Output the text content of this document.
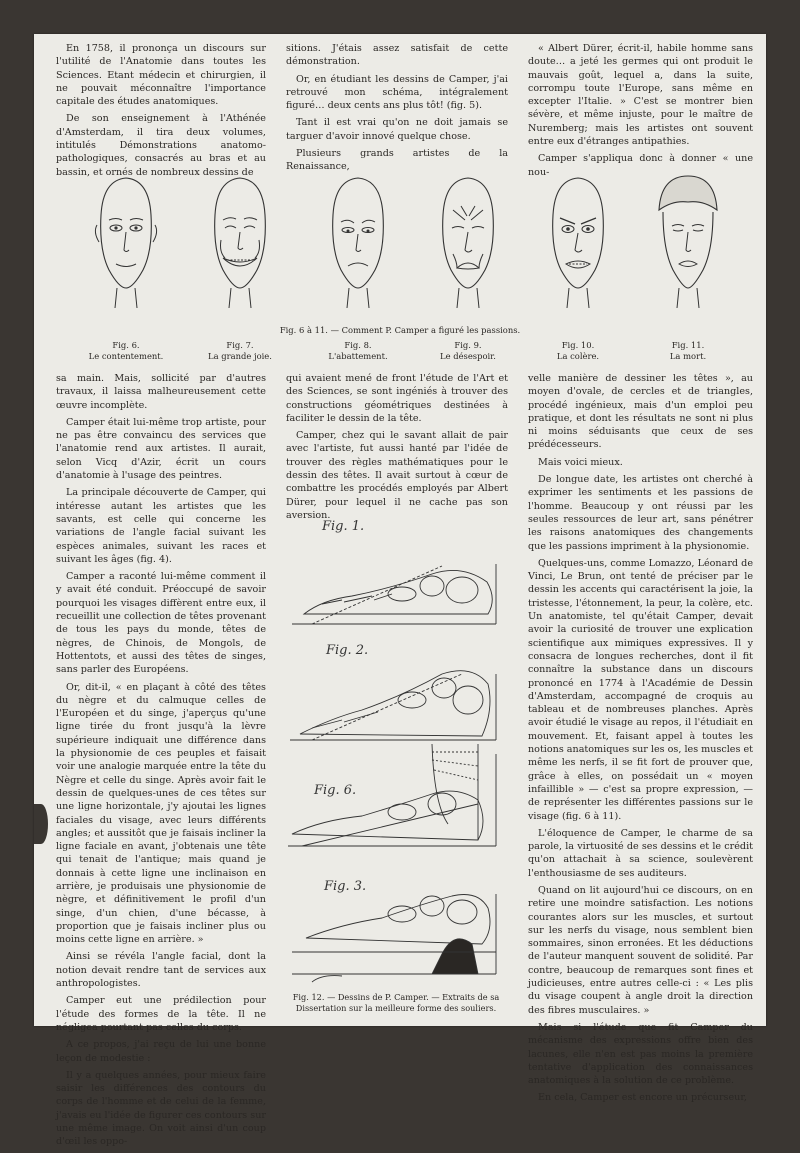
En 1758, il prononça un discours sur l'utilité de l'Anatomie dans toutes les Sciences. Etant médecin et chirurgien, il ne pouvait méconnaître l'importance capitale des études anatomiques.

De son enseignement à l'Athénée d'Amsterdam, il tira deux volumes, intitulés Démonstrations anatomo-pathologiques, consacrés au bras et au bassin, et ornés de nombreux dessins de

sitions. J'étais assez satisfait de cette démonstration.

Or, en étudiant les dessins de Camper, j'ai retrouvé mon schéma, intégralement figuré… deux cents ans plus tôt! (fig. 5).

Tant il est vrai qu'on ne doit jamais se targuer d'avoir innové quelque chose.

Plusieurs grands artistes de la Renaissance,

« Albert Dürer, écrit-il, habile homme sans doute… a jeté les germes qui ont produit le mauvais goût, lequel a, dans la suite, corrompu toute l'Europe, sans même en excepter l'Italie. » C'est se montrer bien sévère, et même injuste, pour le maître de Nuremberg; mais les artistes ont souvent entre eux d'étranges antipathies.

Camper s'appliqua donc à donner « une nou-

Fig. 6 à 11. — Comment P. Camper a figuré les passions.
Fig. 6.
Le contentement.
Fig. 7.
La grande joie.
Fig. 8.
L'abattement.
Fig. 9.
Le désespoir.
Fig. 10.
La colère.
Fig. 11.
La mort.

sa main. Mais, sollicité par d'autres travaux, il laissa malheureusement cette œuvre incomplète.

Camper était lui-même trop artiste, pour ne pas être convaincu des services que l'anatomie rend aux artistes. Il aurait, selon Vicq d'Azir, écrit un cours d'anatomie à l'usage des peintres.

La principale découverte de Camper, qui intéresse autant les artistes que les savants, est celle qui concerne les variations de l'angle facial suivant les espèces animales, suivant les races et suivant les âges (fig. 4).

Camper a raconté lui-même comment il y avait été conduit. Préoccupé de savoir pourquoi les visages diffèrent entre eux, il recueillit une collection de têtes provenant de tous les pays du monde, têtes de nègres, de Chinois, de Mongols, de Hottentots, et aussi des têtes de singes, sans parler des Européens.

Or, dit-il, « en plaçant à côté des têtes du nègre et du calmuque celles de l'Européen et du singe, j'aperçus qu'une ligne tirée du front jusqu'à la lèvre supérieure indiquait une différence dans la physionomie de ces peuples et faisait voir une analogie marquée entre la tête du Nègre et celle du singe. Après avoir fait le dessin de quelques-unes de ces têtes sur une ligne horizontale, j'y ajoutai les lignes faciales du visage, avec leurs différents angles; et aussitôt que je faisais incliner la ligne faciale en avant, j'obtenais une tête qui tenait de l'antique; mais quand je donnais à cette ligne une inclinaison en arrière, je produisais une physionomie de nègre, et définitivement le profil d'un singe, d'un chien, d'une bécasse, à proportion que je faisais incliner plus ou moins cette ligne en arrière. »

Ainsi se révéla l'angle facial, dont la notion devait rendre tant de services aux anthropologistes.

Camper eut une prédilection pour l'étude des formes de la tête. Il ne négligea pourtant pas celles du corps.

A ce propos, j'ai reçu de lui une bonne leçon de modestie :

Il y a quelques années, pour mieux faire saisir les différences des contours du corps de l'homme et de celui de la femme, j'avais eu l'idée de figurer ces contours sur une même image. On voit ainsi d'un coup d'œil les oppo-

qui avaient mené de front l'étude de l'Art et des Sciences, se sont ingéniés à trouver des constructions géométriques destinées à faciliter le dessin de la tête.

Camper, chez qui le savant allait de pair avec l'artiste, fut aussi hanté par l'idée de trouver des règles mathématiques pour le dessin des têtes. Il avait surtout à cœur de combattre les procédés employés par Albert Dürer, pour lequel il ne cache pas son aversion.

velle manière de dessiner les têtes », au moyen d'ovale, de cercles et de triangles, procédé ingénieux, mais d'un emploi peu pratique, et dont les résultats ne sont ni plus ni moins séduisants que ceux de ses prédécesseurs.

Mais voici mieux.

De longue date, les artistes ont cherché à exprimer les sentiments et les passions de l'homme. Beaucoup y ont réussi par les seules ressources de leur art, sans pénétrer les raisons anatomiques des changements que les passions impriment à la physionomie.

Quelques-uns, comme Lomazzo, Léonard de Vinci, Le Brun, ont tenté de préciser par le dessin les accents qui caractérisent la joie, la tristesse, l'étonnement, la peur, la colère, etc. Un anatomiste, tel qu'était Camper, devait avoir la curiosité de trouver une explication scientifique aux mimiques expressives. Il y consacra de longues recherches, dont il fit connaître la substance dans un discours prononcé en 1774 à l'Académie de Dessin d'Amsterdam, accompagné de croquis au tableau et de nombreuses planches. Après avoir étudié le visage au repos, il l'étudiait en mouvement. Et, faisant appel à toutes les notions anatomiques sur les os, les muscles et même les nerfs, il se fit fort de prouver que, grâce à elles, on possédait un « moyen infaillible » — c'est sa propre expression, — de représenter les différentes passions sur le visage (fig. 6 à 11).

L'éloquence de Camper, le charme de sa parole, la virtuosité de ses dessins et le crédit qu'on attachait à sa science, soulevèrent l'enthousiasme de ses auditeurs.

Quand on lit aujourd'hui ce discours, on en retire une moindre satisfaction. Les notions courantes alors sur les muscles, et surtout sur les nerfs du visage, nous semblent bien sommaires, sinon erronées. Et les déductions de l'auteur manquent souvent de solidité. Par contre, beaucoup de remarques sont fines et judicieuses, entre autres celle-ci : « Les plis du visage coupent à angle droit la direction des fibres musculaires. »

Mais si l'étude que fit Camper du mécanisme des expressions offre bien des lacunes, elle n'en est pas moins la première tentative d'application des connaissances anatomiques à la solution de ce problème.

En cela, Camper est encore un précurseur,

Fig. 1.
Fig. 2.
Fig. 6.
Fig. 3.
Fig. 12. — Dessins de P. Camper. — Extraits de sa Dissertation sur la meilleure forme des souliers.
